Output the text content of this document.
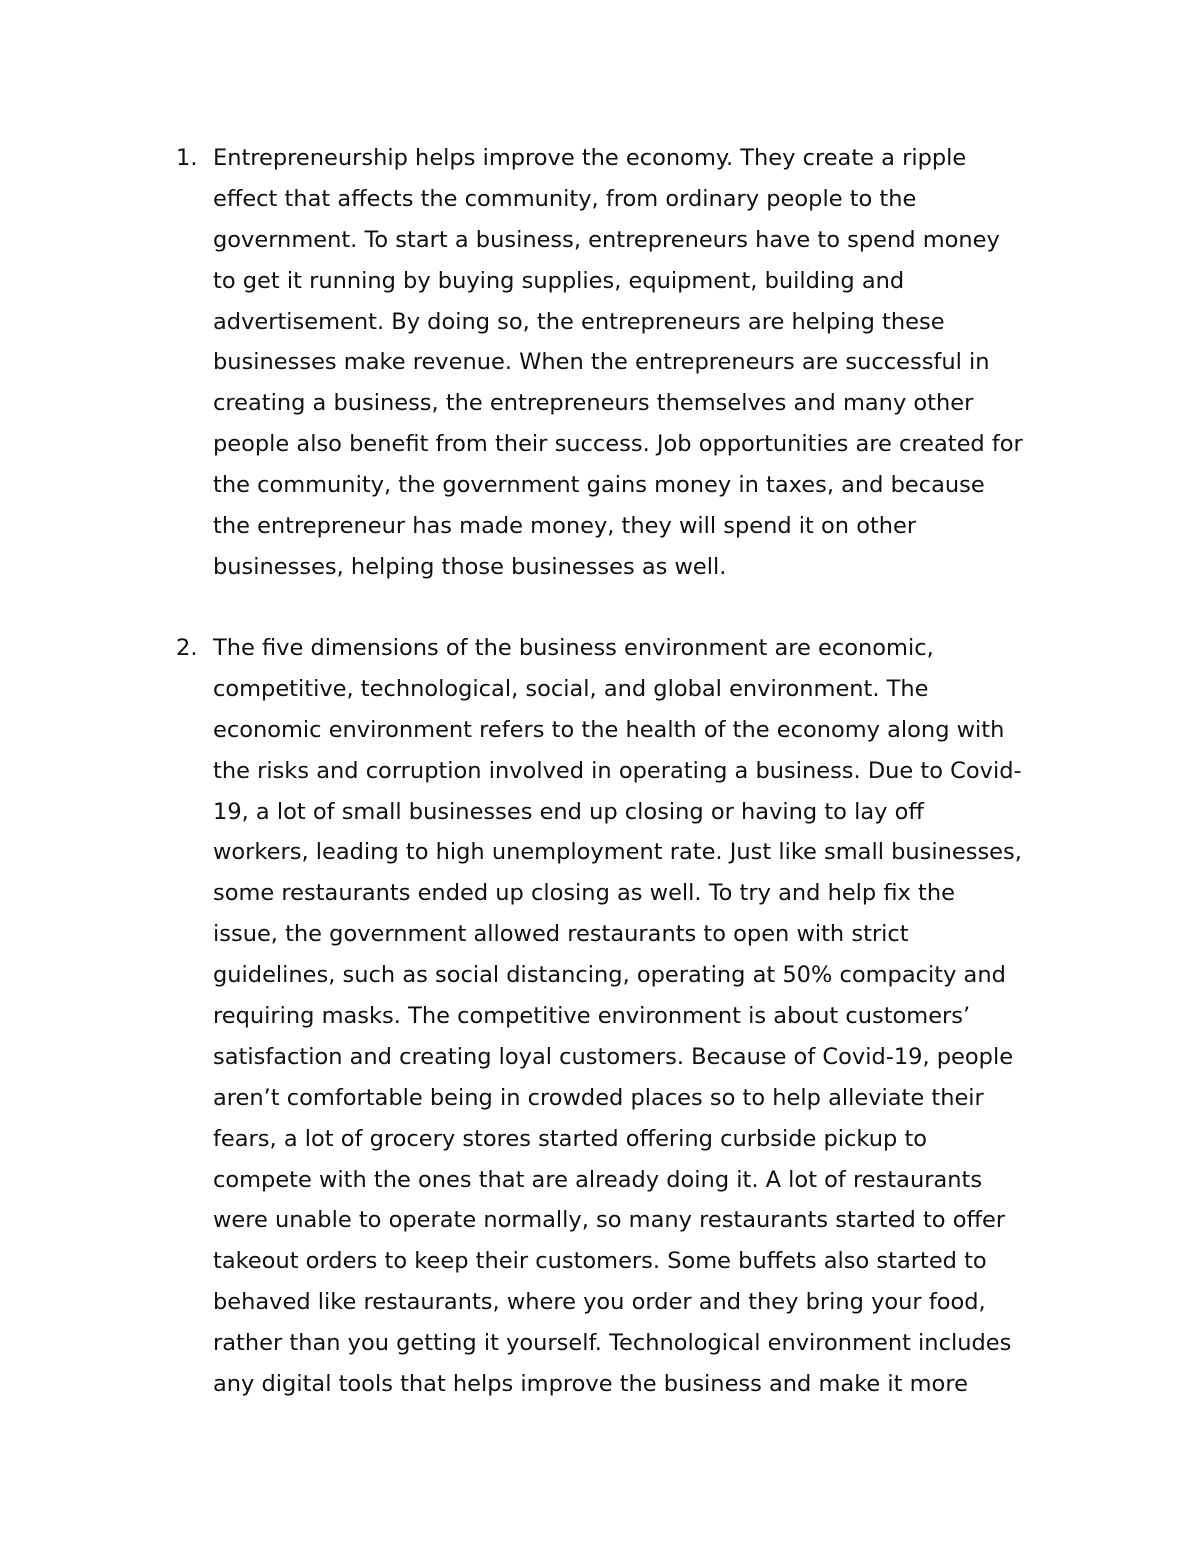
1. Entrepreneurship helps improve the economy. They create a ripple
effect that affects the community, from ordinary people to the
government. To start a business, entrepreneurs have to spend money
to get it running by buying supplies, equipment, building and
advertisement. By doing so, the entrepreneurs are helping these
businesses make revenue. When the entrepreneurs are successful in
creating a business, the entrepreneurs themselves and many other
people also benefit from their success. Job opportunities are created for
the community, the government gains money in taxes, and because
the entrepreneur has made money, they will spend it on other
businesses, helping those businesses as well.
2. The five dimensions of the business environment are economic,
competitive, technological, social, and global environment. The
economic environment refers to the health of the economy along with
the risks and corruption involved in operating a business. Due to Covid-
19, a lot of small businesses end up closing or having to lay off
workers, leading to high unemployment rate. Just like small businesses,
some restaurants ended up closing as well. To try and help fix the
issue, the government allowed restaurants to open with strict
guidelines, such as social distancing, operating at 50% compacity and
requiring masks. The competitive environment is about customers’
satisfaction and creating loyal customers. Because of Covid-19, people
aren’t comfortable being in crowded places so to help alleviate their
fears, a lot of grocery stores started offering curbside pickup to
compete with the ones that are already doing it. A lot of restaurants
were unable to operate normally, so many restaurants started to offer
takeout orders to keep their customers. Some buffets also started to
behaved like restaurants, where you order and they bring your food,
rather than you getting it yourself. Technological environment includes
any digital tools that helps improve the business and make it more
